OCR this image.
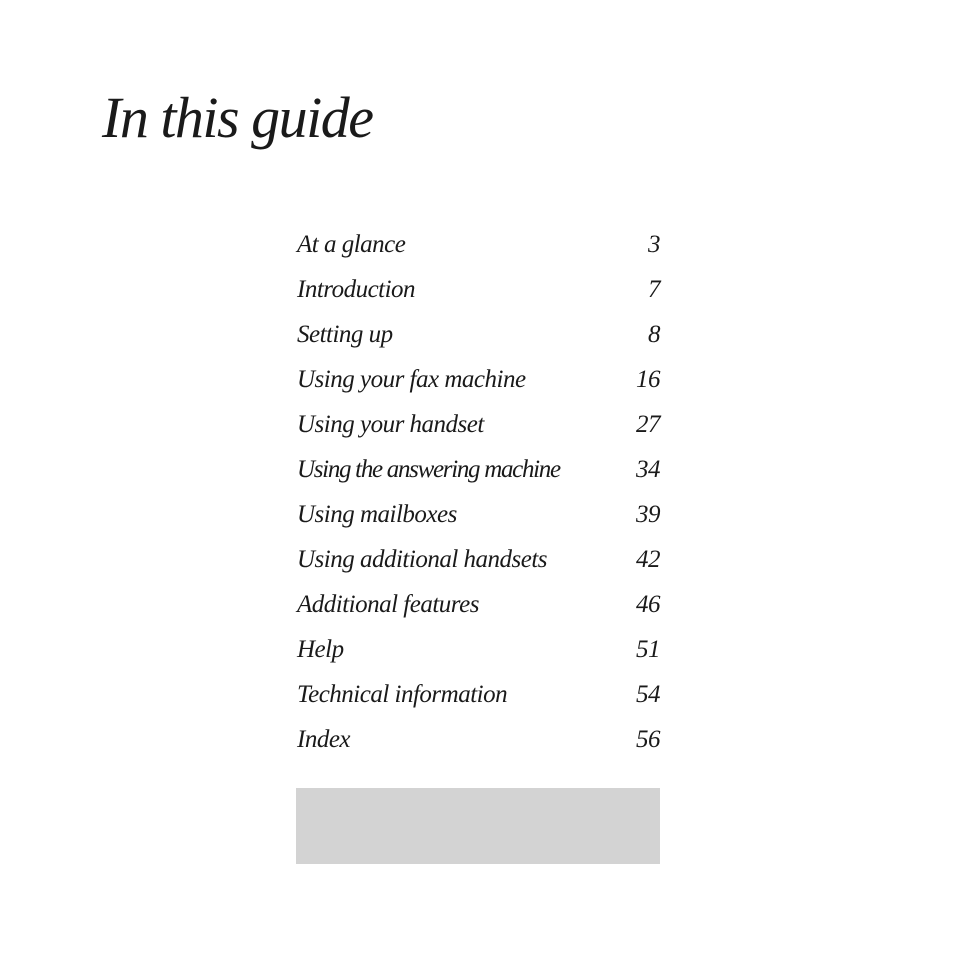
In this guide
At a glance	3
Introduction	7
Setting up	8
Using your fax machine	16
Using your handset	27
Using the answering machine	34
Using mailboxes	39
Using additional handsets	42
Additional features	46
Help	51
Technical information	54
Index	56
